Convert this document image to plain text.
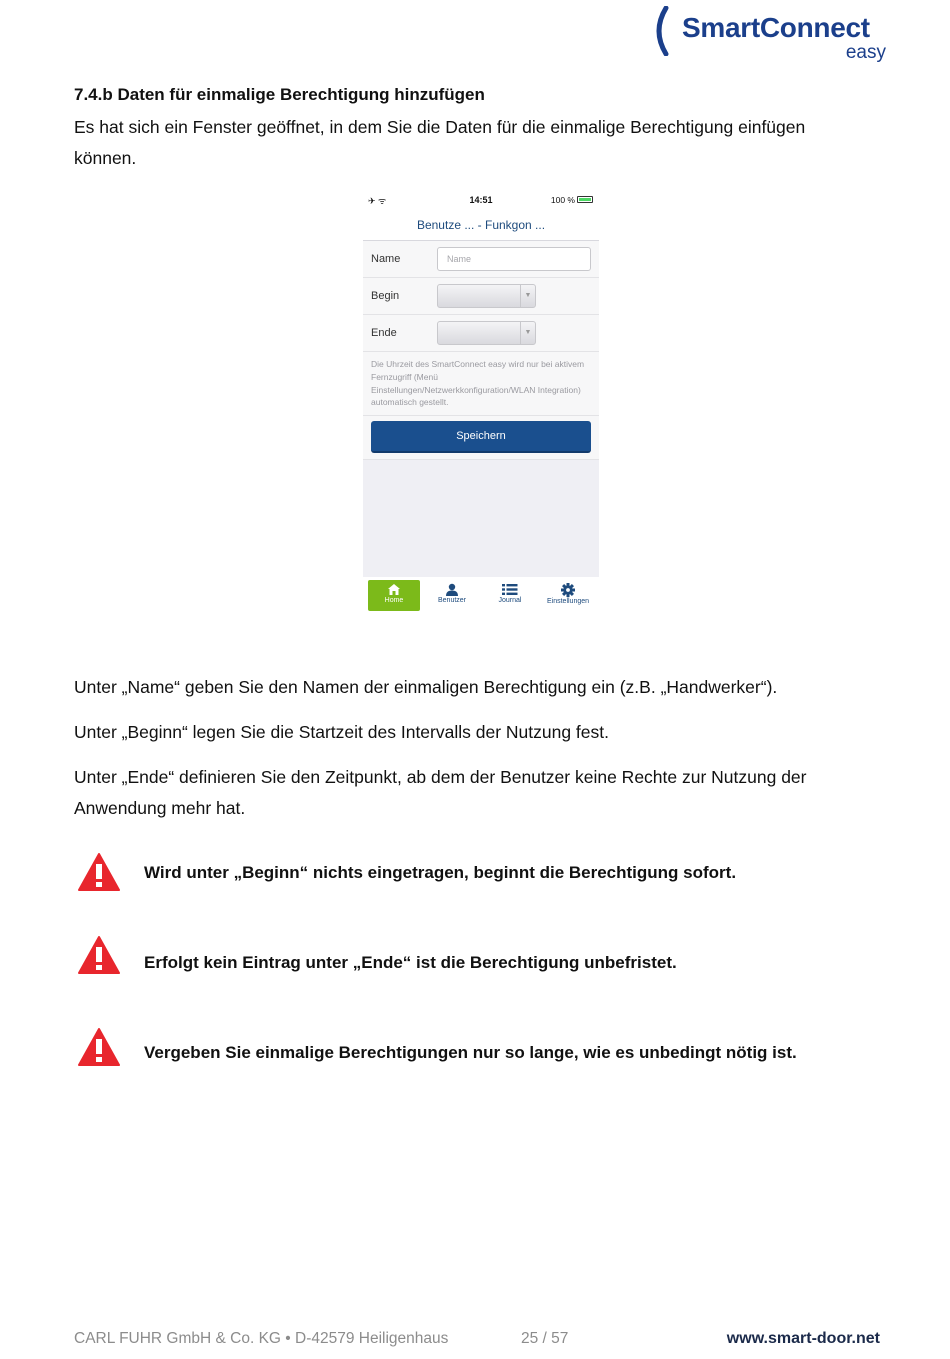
SmartConnect
easy
7.4.b Daten für einmalige Berechtigung hinzufügen
Es hat sich ein Fenster geöffnet, in dem Sie die Daten für die einmalige Berechtigung einfügen
können.
✈ ᯤ	14:51	100 %
Benutze ... - Funkgon ...
Name	Name
Begin	▼
Ende	▼
Die Uhrzeit des SmartConnect easy wird nur bei aktivem Fernzugriff (Menü Einstellungen/Netzwerkkonfiguration/WLAN Integration) automatisch gestellt.
Speichern
Home	Benutzer	Journal	Einstellungen
Unter „Name“ geben Sie den Namen der einmaligen Berechtigung ein (z.B. „Handwerker“).
Unter „Beginn“ legen Sie die Startzeit des Intervalls der Nutzung fest.
Unter „Ende“ definieren Sie den Zeitpunkt, ab dem der Benutzer keine Rechte zur Nutzung der
Anwendung mehr hat.
Wird unter „Beginn“ nichts eingetragen, beginnt die Berechtigung sofort.
Erfolgt kein Eintrag unter „Ende“ ist die Berechtigung unbefristet.
Vergeben Sie einmalige Berechtigungen nur so lange, wie es unbedingt nötig ist.
CARL FUHR GmbH & Co. KG • D-42579 Heiligenhaus	25 / 57	www.smart-door.net
